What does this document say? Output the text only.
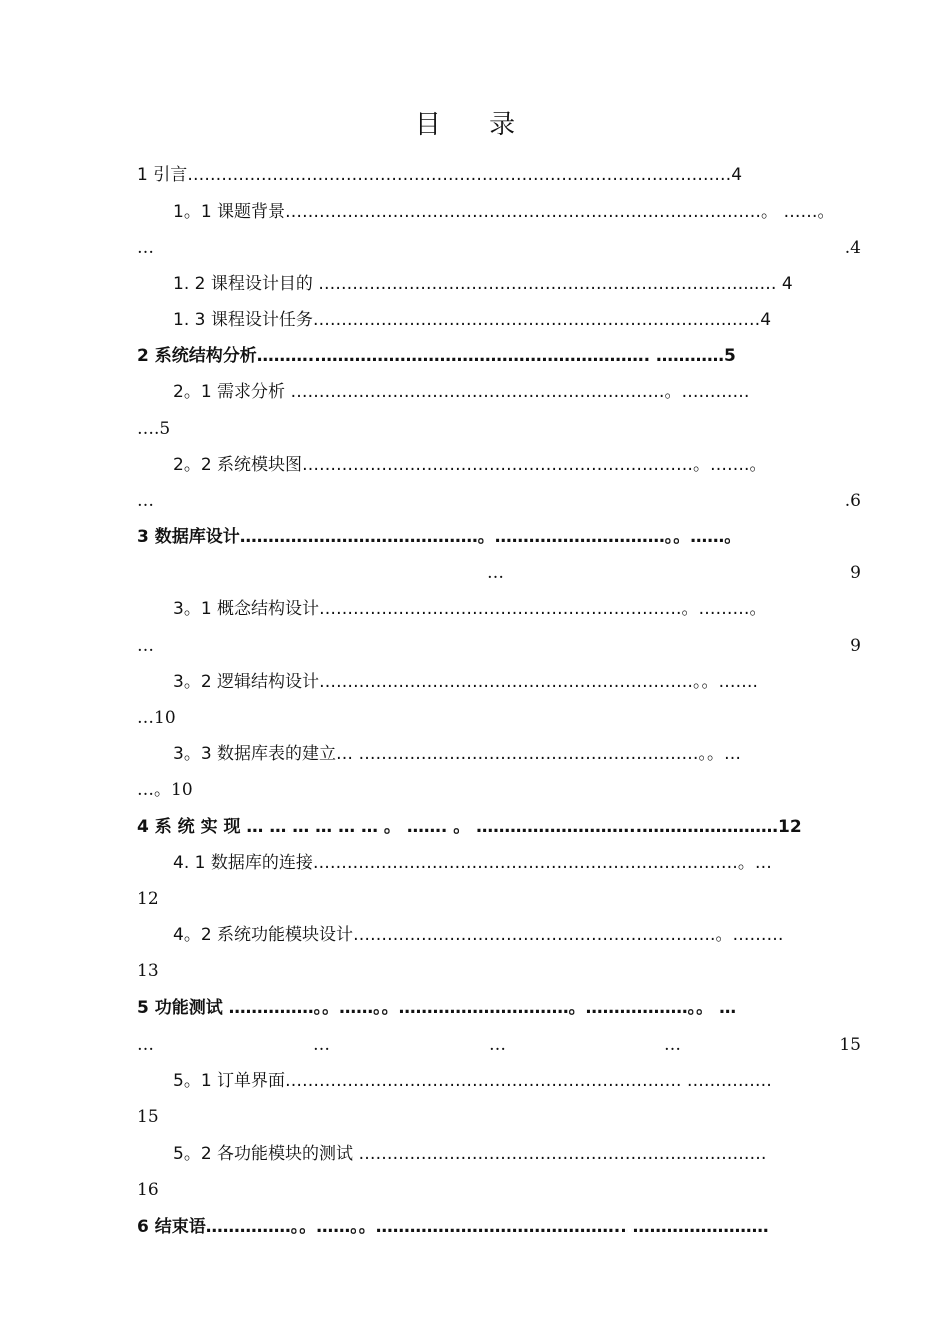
目 录
1 引言……………………………………………………………………………………4
1。1 课题背景…………………………………………………………………………。 ……。
…	.4
1. 2 课程设计目的 …………………………………………………………………...… 4
1. 3 课程设计任务……………………………………………………………….……4
2 系统结构分析………..…………………………………………………. …………5
2。1 需求分析 …………………………………………………………。…………
….5
2。2 系统模块图……………………………………………………………。…….。
…	.6
3 数据库设计……………………………………。…………………………。。……。
…	9
3。1 概念结构设计……………………………………………………….。………。
…	9
3。2 逻辑结构设计…………………………………………………………。。…….
…10
3。3 数据库表的建立… ……………………………………………………。。…
…。10
4 系 统 实 现 … … … … … … 。 ……. 。 ………………………..……………………12
4. 1 数据库的连接…………………………………………………………………。…
12
4。2 系统功能模块设计……………………………………………………….。………
13
5 功能测试 ……………。。……。。…………………………。………………。。 …
…	…	…	…	15
5。1 订单界面……………………………………………………………. ……………
15
5。2 各功能模块的测试 ………………………………………………………………
16
6 结束语……………。。……。。…………………………………….. ……………………
